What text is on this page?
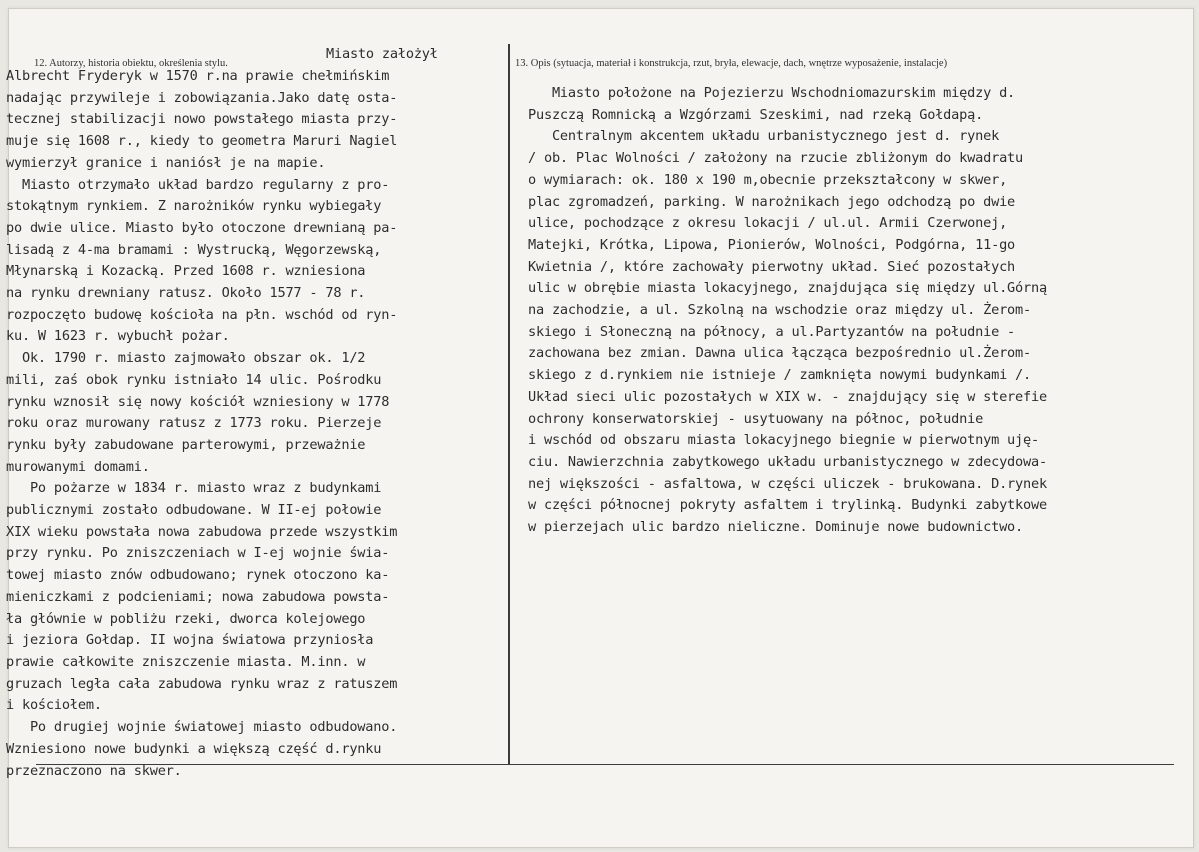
12. Autorzy, historia obiektu, określenia stylu.	13. Opis (sytuacja, materiał i konstrukcja, rzut, bryła, elewacje, dach, wnętrze wyposażenie, instalacje)
Miasto założył
Albrecht Fryderyk w 1570 r.na prawie chełmińskim
nadając przywileje i zobowiązania.Jako datę osta-
tecznej stabilizacji nowo powstałego miasta przy-
muje się 1608 r., kiedy to geometra Maruri Nagiel
wymierzył granice i naniósł je na mapie.
Miasto otrzymało układ bardzo regularny z pro-
stokątnym rynkiem. Z narożników rynku wybiegały
po dwie ulice. Miasto było otoczone drewnianą pa-
lisadą z 4-ma bramami : Wystrucką, Węgorzewską,
Młynarską i Kozacką. Przed 1608 r. wzniesiona
na rynku drewniany ratusz. Około 1577 - 78 r.
rozpoczęto budowę kościoła na płn. wschód od ryn-
ku. W 1623 r. wybuchł pożar.
Ok. 1790 r. miasto zajmowało obszar ok. 1/2
mili, zaś obok rynku istniało 14 ulic. Pośrodku
rynku wznosił się nowy kościół wzniesiony w 1778
roku oraz murowany ratusz z 1773 roku. Pierzeje
rynku były zabudowane parterowymi, przeważnie
murowanymi domami.
Po pożarze w 1834 r. miasto wraz z budynkami
publicznymi zostało odbudowane. W II-ej połowie
XIX wieku powstała nowa zabudowa przede wszystkim
przy rynku. Po zniszczeniach w I-ej wojnie świa-
towej miasto znów odbudowano; rynek otoczono ka-
mieniczkami z podcieniami; nowa zabudowa powsta-
ła głównie w pobliżu rzeki, dworca kolejowego
i jeziora Gołdap. II wojna światowa przyniosła
prawie całkowite zniszczenie miasta. M.inn. w
gruzach legła cała zabudowa rynku wraz z ratuszem
i kościołem.
Po drugiej wojnie światowej miasto odbudowano.
Wzniesiono nowe budynki a większą część d.rynku
przeznaczono na skwer.
Miasto położone na Pojezierzu Wschodniomazurskim między d.
Puszczą Romnicką a Wzgórzami Szeskimi, nad rzeką Gołdapą.
Centralnym akcentem układu urbanistycznego jest d. rynek
/ ob. Plac Wolności / założony na rzucie zbliżonym do kwadratu
o wymiarach: ok. 180 x 190 m,obecnie przekształcony w skwer,
plac zgromadzeń, parking. W narożnikach jego odchodzą po dwie
ulice, pochodzące z okresu lokacji / ul.ul. Armii Czerwonej,
Matejki, Krótka, Lipowa, Pionierów, Wolności, Podgórna, 11-go
Kwietnia /, które zachowały pierwotny układ. Sieć pozostałych
ulic w obrębie miasta lokacyjnego, znajdująca się między ul.Górną
na zachodzie, a ul. Szkolną na wschodzie oraz między ul. Żerom-
skiego i Słoneczną na północy, a ul.Partyzantów na południe -
zachowana bez zmian. Dawna ulica łącząca bezpośrednio ul.Żerom-
skiego z d.rynkiem nie istnieje / zamknięta nowymi budynkami /.
Układ sieci ulic pozostałych w XIX w. - znajdujący się w sterefie
ochrony konserwatorskiej - usytuowany na północ, południe
i wschód od obszaru miasta lokacyjnego biegnie w pierwotnym uję-
ciu. Nawierzchnia zabytkowego układu urbanistycznego w zdecydowa-
nej większości - asfaltowa, w części uliczek - brukowana. D.rynek
w części północnej pokryty asfaltem i trylinką. Budynki zabytkowe
w pierzejach ulic bardzo nieliczne. Dominuje nowe budownictwo.
